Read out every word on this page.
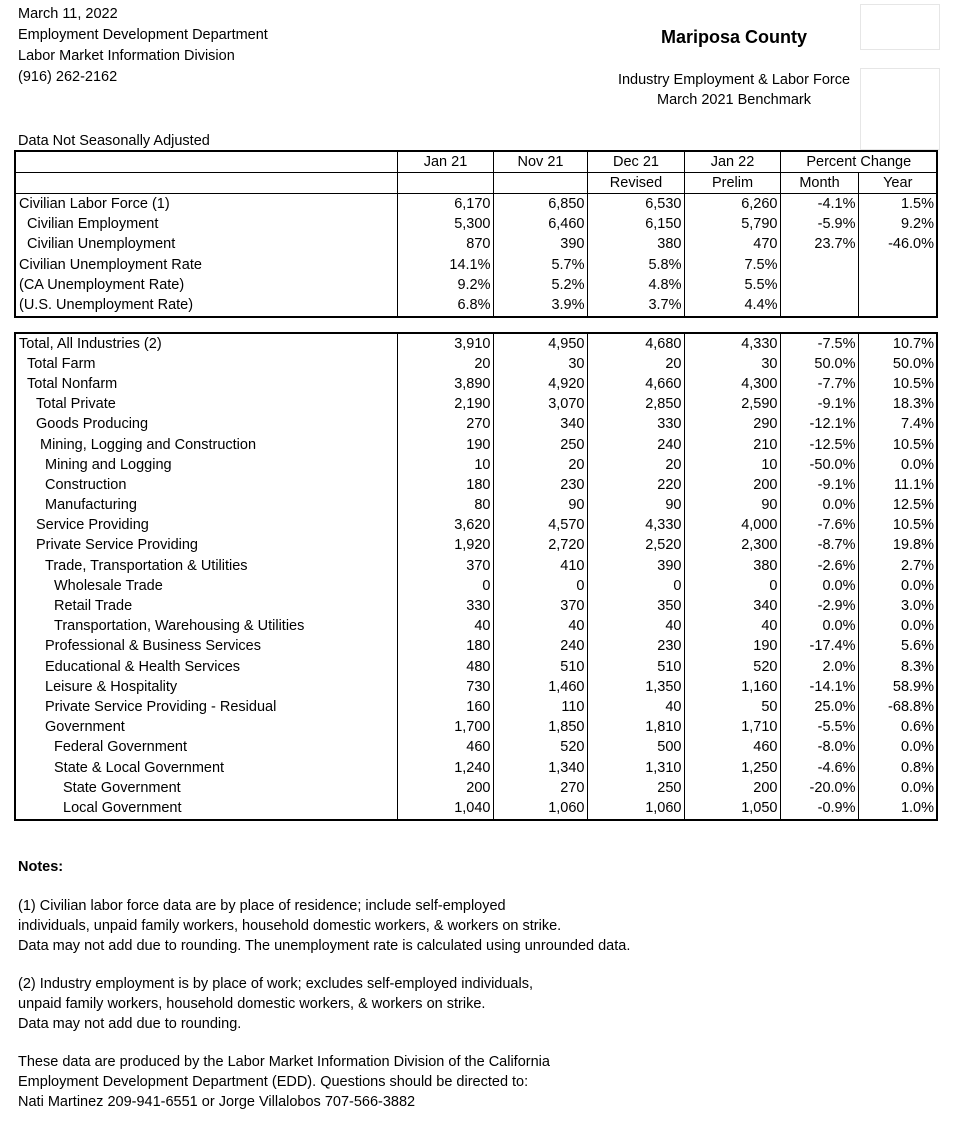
March 11, 2022
Employment Development Department
Labor Market Information Division
(916) 262-2162
Mariposa County
Industry Employment & Labor Force
March 2021 Benchmark
Data Not Seasonally Adjusted
	Jan 21	Nov 21	Dec 21	Jan 22	Percent Change	
			Revised	Prelim	Month	Year
Civilian Labor Force (1)	6,170	6,850	6,530	6,260	-4.1%	1.5%
Civilian Employment	5,300	6,460	6,150	5,790	-5.9%	9.2%
Civilian Unemployment	870	390	380	470	23.7%	-46.0%
Civilian Unemployment Rate	14.1%	5.7%	5.8%	7.5%		
(CA Unemployment Rate)	9.2%	5.2%	4.8%	5.5%		
(U.S. Unemployment Rate)	6.8%	3.9%	3.7%	4.4%		
Total, All Industries (2)	3,910	4,950	4,680	4,330	-7.5%	10.7%
Total Farm	20	30	20	30	50.0%	50.0%
Total Nonfarm	3,890	4,920	4,660	4,300	-7.7%	10.5%
Total Private	2,190	3,070	2,850	2,590	-9.1%	18.3%
Goods Producing	270	340	330	290	-12.1%	7.4%
Mining, Logging and Construction	190	250	240	210	-12.5%	10.5%
Mining and Logging	10	20	20	10	-50.0%	0.0%
Construction	180	230	220	200	-9.1%	11.1%
Manufacturing	80	90	90	90	0.0%	12.5%
Service Providing	3,620	4,570	4,330	4,000	-7.6%	10.5%
Private Service Providing	1,920	2,720	2,520	2,300	-8.7%	19.8%
Trade, Transportation & Utilities	370	410	390	380	-2.6%	2.7%
Wholesale Trade	0	0	0	0	0.0%	0.0%
Retail Trade	330	370	350	340	-2.9%	3.0%
Transportation, Warehousing & Utilities	40	40	40	40	0.0%	0.0%
Professional & Business Services	180	240	230	190	-17.4%	5.6%
Educational & Health Services	480	510	510	520	2.0%	8.3%
Leisure & Hospitality	730	1,460	1,350	1,160	-14.1%	58.9%
Private Service Providing - Residual	160	110	40	50	25.0%	-68.8%
Government	1,700	1,850	1,810	1,710	-5.5%	0.6%
Federal Government	460	520	500	460	-8.0%	0.0%
State & Local Government	1,240	1,340	1,310	1,250	-4.6%	0.8%
State Government	200	270	250	200	-20.0%	0.0%
Local Government	1,040	1,060	1,060	1,050	-0.9%	1.0%
Notes:
(1) Civilian labor force data are by place of residence; include self-employed
individuals, unpaid family workers, household domestic workers, & workers on strike.
Data may not add due to rounding. The unemployment rate is calculated using unrounded data.
(2) Industry employment is by place of work; excludes self-employed individuals,
unpaid family workers, household domestic workers, & workers on strike.
Data may not add due to rounding.
These data are produced by the Labor Market Information Division of the California
Employment Development Department (EDD). Questions should be directed to:
Nati Martinez 209-941-6551 or Jorge Villalobos 707-566-3882
